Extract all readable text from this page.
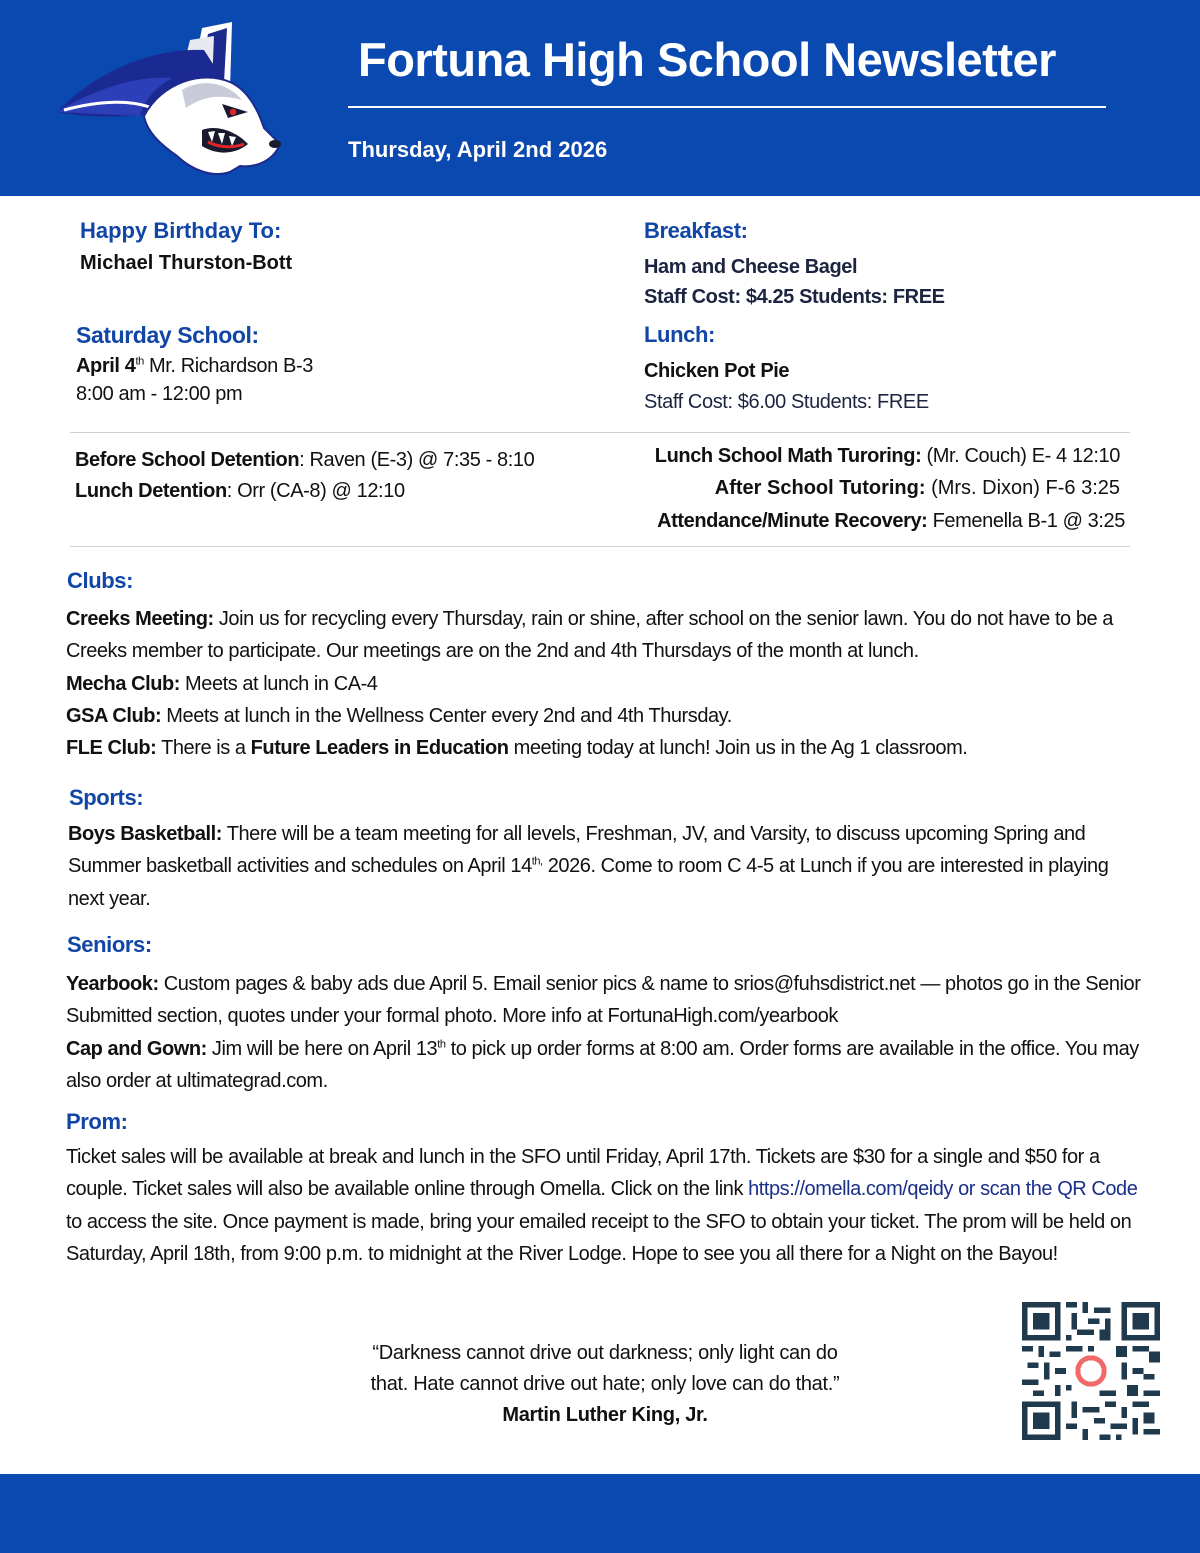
Fortuna High School Newsletter
Thursday, April 2nd 2026
Happy Birthday To:
Michael Thurston-Bott
Saturday School:
April 4th Mr. Richardson B-3
8:00 am - 12:00 pm
Breakfast:
Ham and Cheese Bagel
Staff Cost: $4.25 Students: FREE
Lunch:
Chicken Pot Pie
Staff Cost: $6.00 Students: FREE
Before School Detention: Raven (E-3) @ 7:35 - 8:10
Lunch Detention: Orr (CA-8) @ 12:10
Lunch School Math Turoring: (Mr. Couch) E- 4 12:10
After School Tutoring: (Mrs. Dixon) F-6 3:25
Attendance/Minute Recovery: Femenella B-1 @ 3:25
Clubs:

Creeks Meeting: Join us for recycling every Thursday, rain or shine, after school on the senior lawn. You do not have to be a Creeks member to participate. Our meetings are on the 2nd and 4th Thursdays of the month at lunch.

Mecha Club: Meets at lunch in CA-4

GSA Club: Meets at lunch in the Wellness Center every 2nd and 4th Thursday.

FLE Club: There is a Future Leaders in Education meeting today at lunch! Join us in the Ag 1 classroom.

Sports:

Boys Basketball: There will be a team meeting for all levels, Freshman, JV, and Varsity, to discuss upcoming Spring and Summer basketball activities and schedules on April $14^{th,}$ 2026. Come to room C 4-5 at Lunch if you are interested in playing next year.

Seniors:

Yearbook: Custom pages & baby ads due April 5. Email senior pics & name to srios@fuhsdistrict.net — photos go in the Senior Submitted section, quotes under your formal photo. More info at FortunaHigh.com/yearbook

Cap and Gown: Jim will be here on April 13th to pick up order forms at 8:00 am. Order forms are available in the office. You may also order at ultimategrad.com.

Prom:

Ticket sales will be available at break and lunch in the SFO until Friday, April 17th. Tickets are $30 for a single and $50 for a couple. Ticket sales will also be available online through Omella. Click on the link https://omella.com/qeidy or scan the QR Code to access the site. Once payment is made, bring your emailed receipt to the SFO to obtain your ticket. The prom will be held on Saturday, April 18th, from 9:00 p.m. to midnight at the River Lodge. Hope to see you all there for a Night on the Bayou!

“Darkness cannot drive out darkness; only light can do

that. Hate cannot drive out hate; only love can do that.”

Martin Luther King, Jr.
